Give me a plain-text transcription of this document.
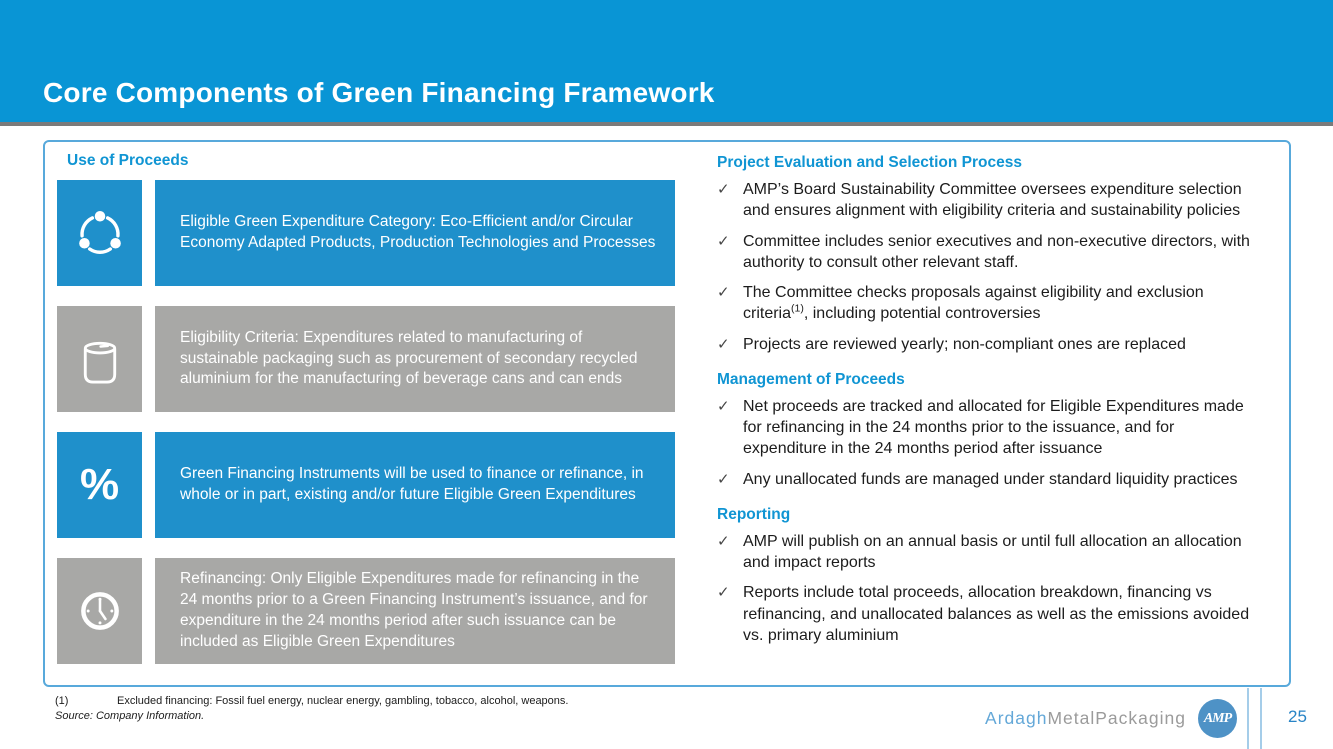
Core Components of Green Financing Framework
Use of Proceeds
Eligible Green Expenditure Category: Eco-Efficient and/or Circular Economy Adapted Products, Production Technologies and Processes
Eligibility Criteria: Expenditures related to manufacturing of sustainable packaging such as procurement of secondary recycled aluminium for the manufacturing of beverage cans and can ends
%	Green Financing Instruments will be used to finance or refinance, in whole or in part, existing and/or future Eligible Green Expenditures
Refinancing: Only Eligible Expenditures made for refinancing in the 24 months prior to a Green Financing Instrument’s issuance, and for expenditure in the 24 months period after such issuance can be included as Eligible Green Expenditures
Project Evaluation and Selection Process
✓ AMP’s Board Sustainability Committee oversees expenditure selection and ensures alignment with eligibility criteria and sustainability policies
✓ Committee includes senior executives and non-executive directors, with authority to consult other relevant staff.
✓ The Committee checks proposals against eligibility and exclusion criteria$^{(1)}$, including potential controversies
✓ Projects are reviewed yearly; non-compliant ones are replaced
Management of Proceeds
✓ Net proceeds are tracked and allocated for Eligible Expenditures made for refinancing in the 24 months prior to the issuance, and for expenditure in the 24 months period after issuance
✓ Any unallocated funds are managed under standard liquidity practices
Reporting
✓ AMP will publish on an annual basis or until full allocation an allocation and impact reports
✓ Reports include total proceeds, allocation breakdown, financing vs refinancing, and unallocated balances as well as the emissions avoided vs. primary aluminium
(1)	Excluded financing: Fossil fuel energy, nuclear energy, gambling, tobacco, alcohol, weapons.
Source: Company Information.	ArdaghMetalPackaging AMP	25
